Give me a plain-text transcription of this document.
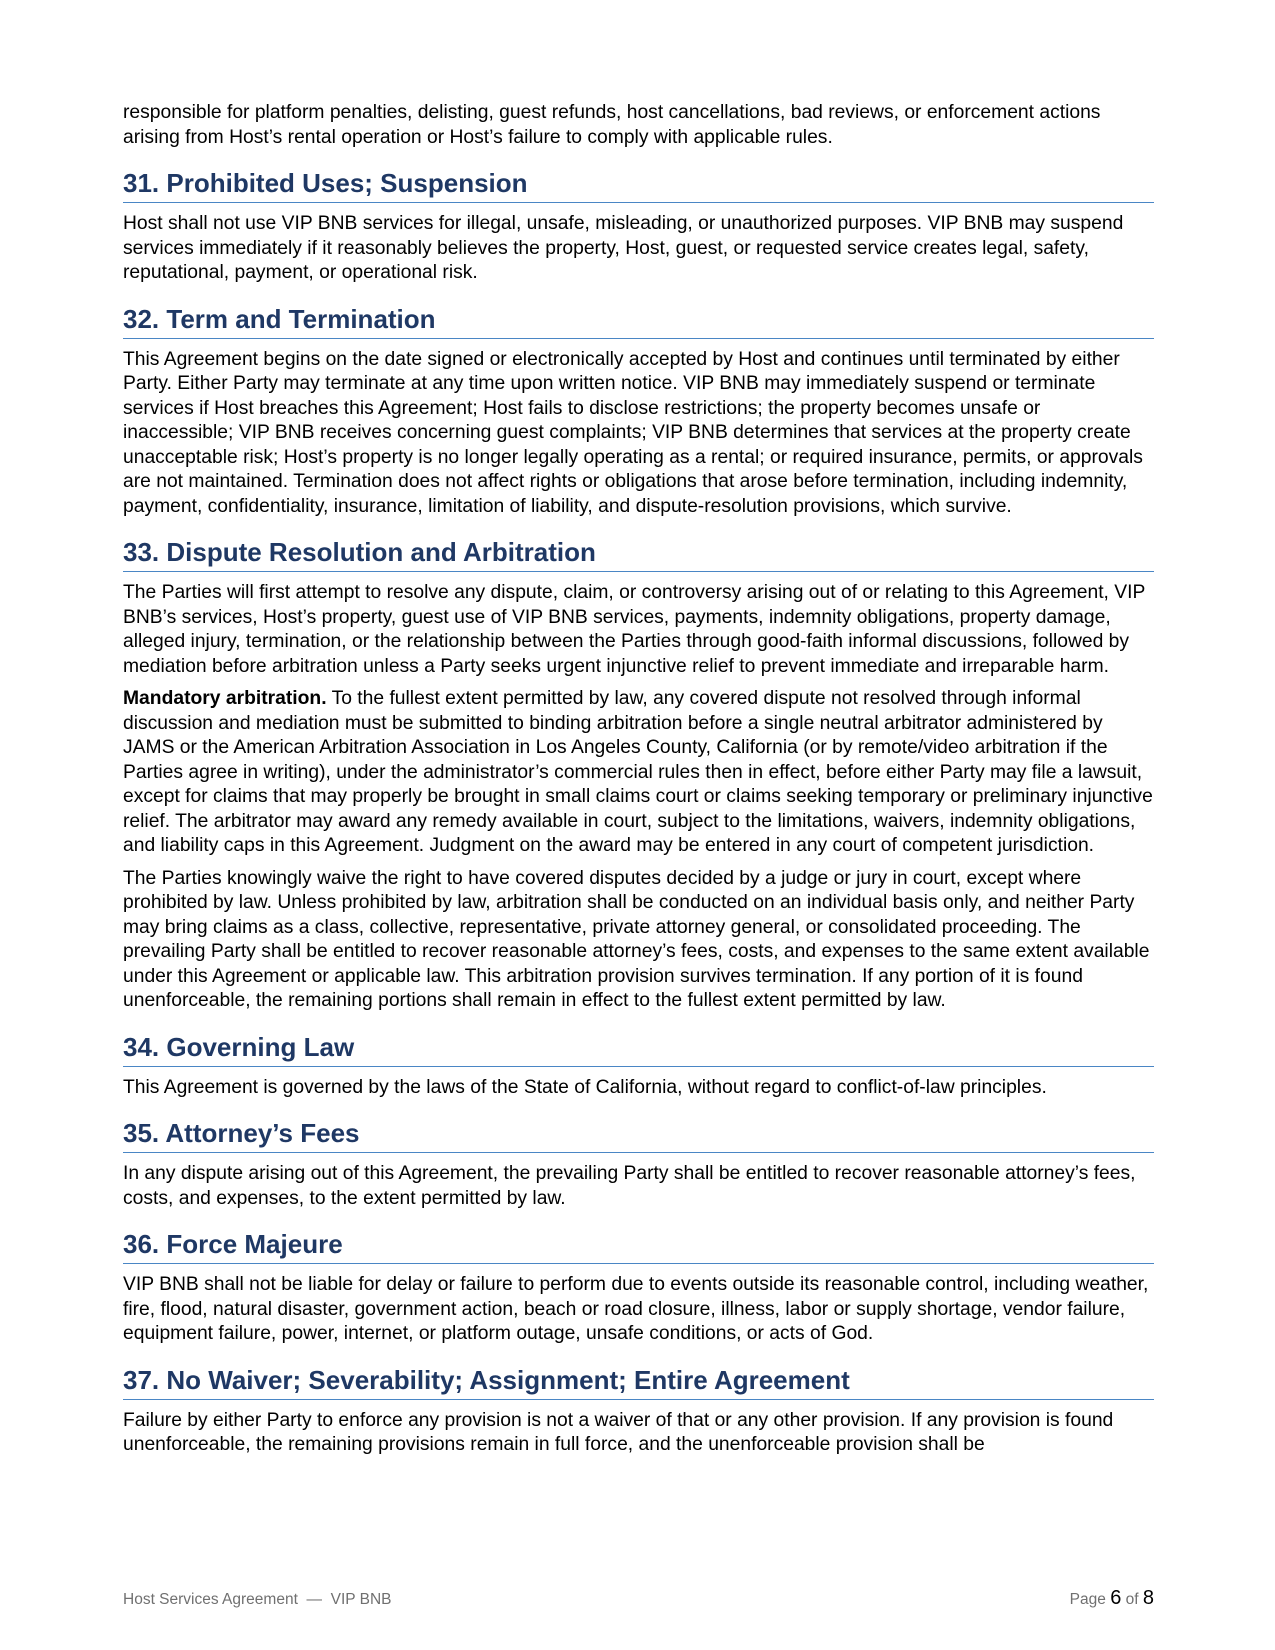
responsible for platform penalties, delisting, guest refunds, host cancellations, bad reviews, or enforcement actions arising from Host’s rental operation or Host’s failure to comply with applicable rules.

31. Prohibited Uses; Suspension

Host shall not use VIP BNB services for illegal, unsafe, misleading, or unauthorized purposes. VIP BNB may suspend services immediately if it reasonably believes the property, Host, guest, or requested service creates legal, safety, reputational, payment, or operational risk.

32. Term and Termination

This Agreement begins on the date signed or electronically accepted by Host and continues until terminated by either Party. Either Party may terminate at any time upon written notice. VIP BNB may immediately suspend or terminate services if Host breaches this Agreement; Host fails to disclose restrictions; the property becomes unsafe or inaccessible; VIP BNB receives concerning guest complaints; VIP BNB determines that services at the property create unacceptable risk; Host’s property is no longer legally operating as a rental; or required insurance, permits, or approvals are not maintained. Termination does not affect rights or obligations that arose before termination, including indemnity, payment, confidentiality, insurance, limitation of liability, and dispute-resolution provisions, which survive.

33. Dispute Resolution and Arbitration

The Parties will first attempt to resolve any dispute, claim, or controversy arising out of or relating to this Agreement, VIP BNB’s services, Host’s property, guest use of VIP BNB services, payments, indemnity obligations, property damage, alleged injury, termination, or the relationship between the Parties through good-faith informal discussions, followed by mediation before arbitration unless a Party seeks urgent injunctive relief to prevent immediate and irreparable harm.

Mandatory arbitration. To the fullest extent permitted by law, any covered dispute not resolved through informal discussion and mediation must be submitted to binding arbitration before a single neutral arbitrator administered by JAMS or the American Arbitration Association in Los Angeles County, California (or by remote/video arbitration if the Parties agree in writing), under the administrator’s commercial rules then in effect, before either Party may file a lawsuit, except for claims that may properly be brought in small claims court or claims seeking temporary or preliminary injunctive relief. The arbitrator may award any remedy available in court, subject to the limitations, waivers, indemnity obligations, and liability caps in this Agreement. Judgment on the award may be entered in any court of competent jurisdiction.

The Parties knowingly waive the right to have covered disputes decided by a judge or jury in court, except where prohibited by law. Unless prohibited by law, arbitration shall be conducted on an individual basis only, and neither Party may bring claims as a class, collective, representative, private attorney general, or consolidated proceeding. The prevailing Party shall be entitled to recover reasonable attorney’s fees, costs, and expenses to the same extent available under this Agreement or applicable law. This arbitration provision survives termination. If any portion of it is found unenforceable, the remaining portions shall remain in effect to the fullest extent permitted by law.

34. Governing Law

This Agreement is governed by the laws of the State of California, without regard to conflict-of-law principles.

35. Attorney’s Fees

In any dispute arising out of this Agreement, the prevailing Party shall be entitled to recover reasonable attorney’s fees, costs, and expenses, to the extent permitted by law.

36. Force Majeure

VIP BNB shall not be liable for delay or failure to perform due to events outside its reasonable control, including weather, fire, flood, natural disaster, government action, beach or road closure, illness, labor or supply shortage, vendor failure, equipment failure, power, internet, or platform outage, unsafe conditions, or acts of God.

37. No Waiver; Severability; Assignment; Entire Agreement

Failure by either Party to enforce any provision is not a waiver of that or any other provision. If any provision is found unenforceable, the remaining provisions remain in full force, and the unenforceable provision shall be

Host Services Agreement  —  VIP BNB	Page 6 of 8
